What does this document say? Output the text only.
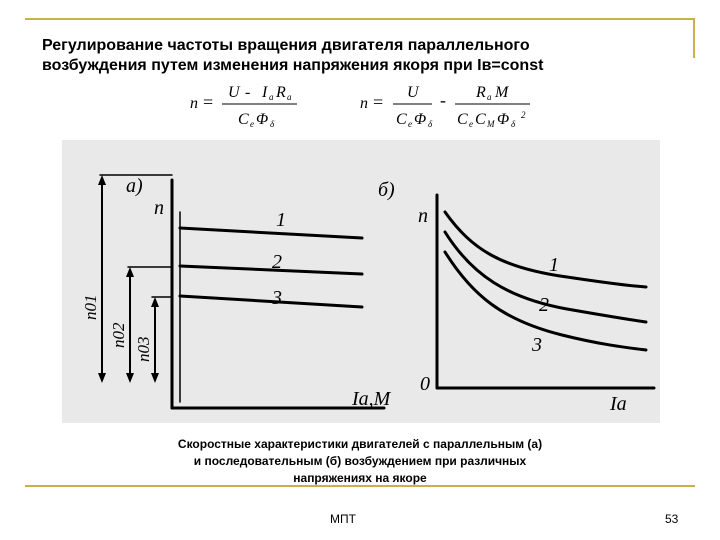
Регулирование частоты вращения двигателя параллельного
возбуждения путем изменения напряжения якоря при Iв=const
n = U - I a R a
C e Φ δ
n = U
C e Φ δ
- R a M
C e C M Φ δ
2
а)
n
Ia,M
1
2
3
n01
n02
n03
б)
n
0
Ia
1
2
3
Скоростные характеристики двигателей с параллельным (а)
и последовательным (б) возбуждением при различных
напряжениях на якоре
МПТ	53
